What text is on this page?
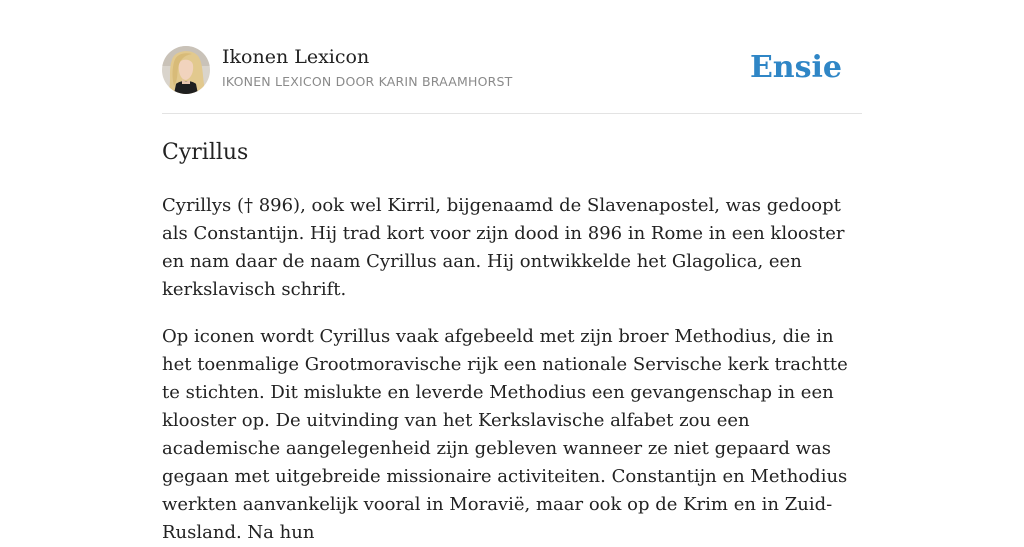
Ikonen Lexicon
IKONEN LEXICON DOOR KARIN BRAAMHORST	Ensie
Cyrillus

Cyrillys († 896), ook wel Kirril, bijgenaamd de Slavenapostel, was gedoopt als Constantijn. Hij trad kort voor zijn dood in 896 in Rome in een klooster en nam daar de naam Cyrillus aan. Hij ontwikkelde het Glagolica, een kerkslavisch schrift.

Op iconen wordt Cyrillus vaak afgebeeld met zijn broer Methodius, die in het toenmalige Grootmoravische rijk een nationale Servische kerk trachtte te stichten. Dit mislukte en leverde Methodius een gevangenschap in een klooster op. De uitvinding van het Kerkslavische alfabet zou een academische aangelegenheid zijn gebleven wanneer ze niet gepaard was gegaan met uitgebreide missionaire activiteiten. Constantijn en Methodius werkten aanvankelijk vooral in Moravië, maar ook op de Krim en in Zuid-Rusland. Na hun
